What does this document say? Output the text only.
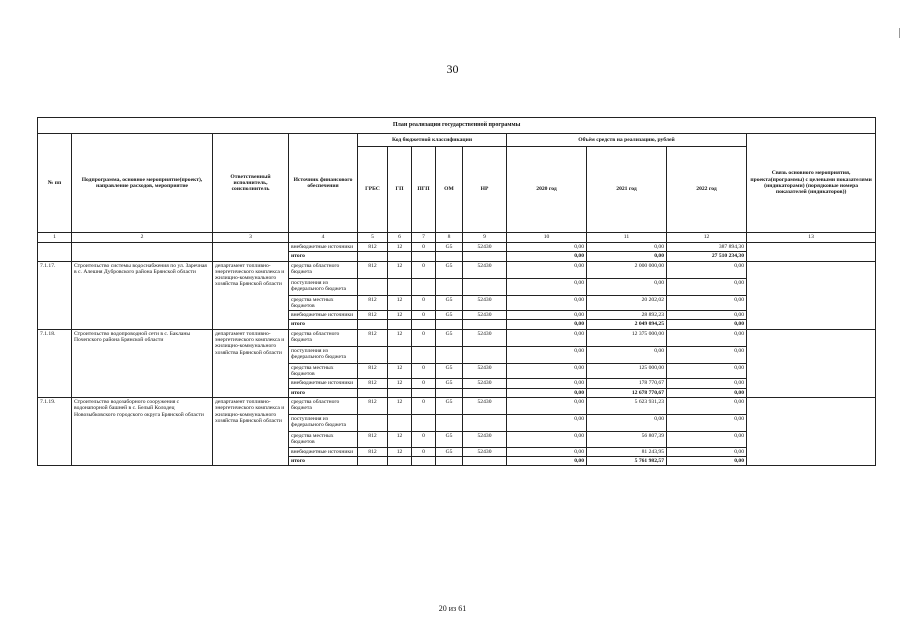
30
План реализации государственной программы												
№ пп	Подпрограмма, основное мероприятие(проект), направление расходов, мероприятие	Ответственный исполнитель, соисполнитель	Источник финансового обеспечения	Код бюджетной классификации					Объём средств на реализацию, рублей			Связь основного мероприятия, проекта(программы) с целевыми показателями (индикаторами) (порядковые номера показателей (индикаторов))
				ГРБС	ГП	ПГП	ОМ	НР	2020 год	2021 год	2022 год	
1	2	3	4	5	6	7	8	9	10	11	12	13
			внебюджетные источники	812	12	0	G5	52430	0,00	0,00	387 894,30	
			итого						0,00	0,00	27 510 234,30	
7.1.17.	Строительство системы водоснабжения по ул. Заречная в с. Алешня Дубровского района Брянской области	департамент топливно-энергетического комплекса и жилищно-коммунального хозяйства Брянской области	средства областного бюджета	812	12	0	G5	52430	0,00	2 000 000,00	0,00	
			поступления из федерального бюджета						0,00	0,00	0,00	
			средства местных бюджетов	812	12	0	G5	52430	0,00	20 202,02	0,00	
			внебюджетные источники	812	12	0	G5	52430	0,00	28 892,23	0,00	
			итого						0,00	2 049 094,25	0,00	
7.1.18.	Строительство водопроводной сети в с. Бакланы Почепского района Брянской области	департамент топливно-энергетического комплекса и жилищно-коммунального хозяйства Брянской области	средства областного бюджета	812	12	0	G5	52430	0,00	12 375 000,00	0,00	
			поступления из федерального бюджета						0,00	0,00	0,00	
			средства местных бюджетов	812	12	0	G5	52430	0,00	125 000,00	0,00	
			внебюджетные источники	812	12	0	G5	52430	0,00	178 770,67	0,00	
			итого						0,00	12 678 770,67	0,00	
7.1.19.	Строительство водозаборного сооружения с водонапорной башней в с. Белый Колодец Новозыбковского городского округа Брянской области	департамент топливно-энергетического комплекса и жилищно-коммунального хозяйства Брянской области	средства областного бюджета	812	12	0	G5	52430	0,00	5 623 931,23	0,00	
			поступления из федерального бюджета						0,00	0,00	0,00	
			средства местных бюджетов	812	12	0	G5	52430	0,00	56 807,39	0,00	
			внебюджетные источники	812	12	0	G5	52430	0,00	81 243,95	0,00	
			итого						0,00	5 761 982,57	0,00	
20 из 61
